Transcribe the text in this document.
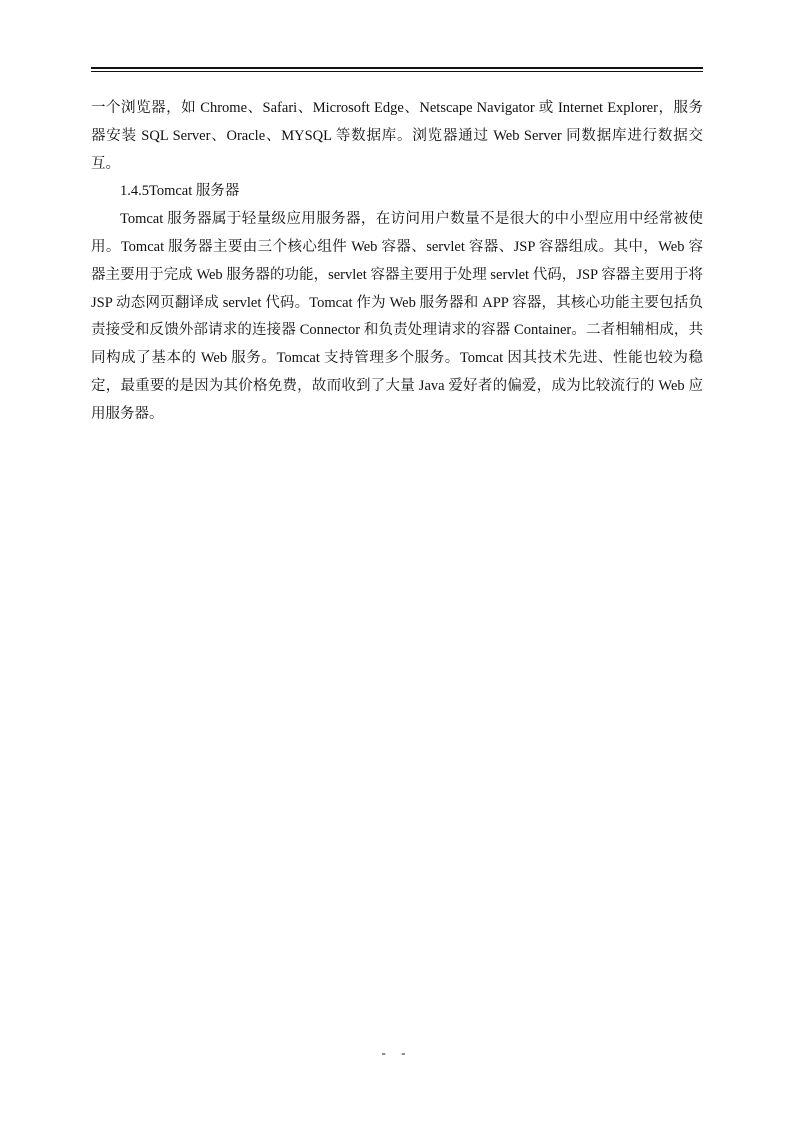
一个浏览器，如 Chrome、Safari、Microsoft Edge、Netscape Navigator 或 Internet Explorer，服务器安装 SQL Server、Oracle、MYSQL 等数据库。浏览器通过 Web Server 同数据库进行数据交互。

1.4.5Tomcat 服务器

Tomcat 服务器属于轻量级应用服务器，在访问用户数量不是很大的中小型应用中经常被使用。Tomcat 服务器主要由三个核心组件 Web 容器、servlet 容器、JSP 容器组成。其中，Web 容器主要用于完成 Web 服务器的功能，servlet 容器主要用于处理 servlet 代码，JSP 容器主要用于将 JSP 动态网页翻译成 servlet 代码。Tomcat 作为 Web 服务器和 APP 容器，其核心功能主要包括负责接受和反馈外部请求的连接器 Connector 和负责处理请求的容器 Container。二者相辅相成，共同构成了基本的 Web 服务。Tomcat 支持管理多个服务。Tomcat 因其技术先进、性能也较为稳定，最重要的是因为其价格免费，故而收到了大量 Java 爱好者的偏爱，成为比较流行的 Web 应用服务器。

- -
